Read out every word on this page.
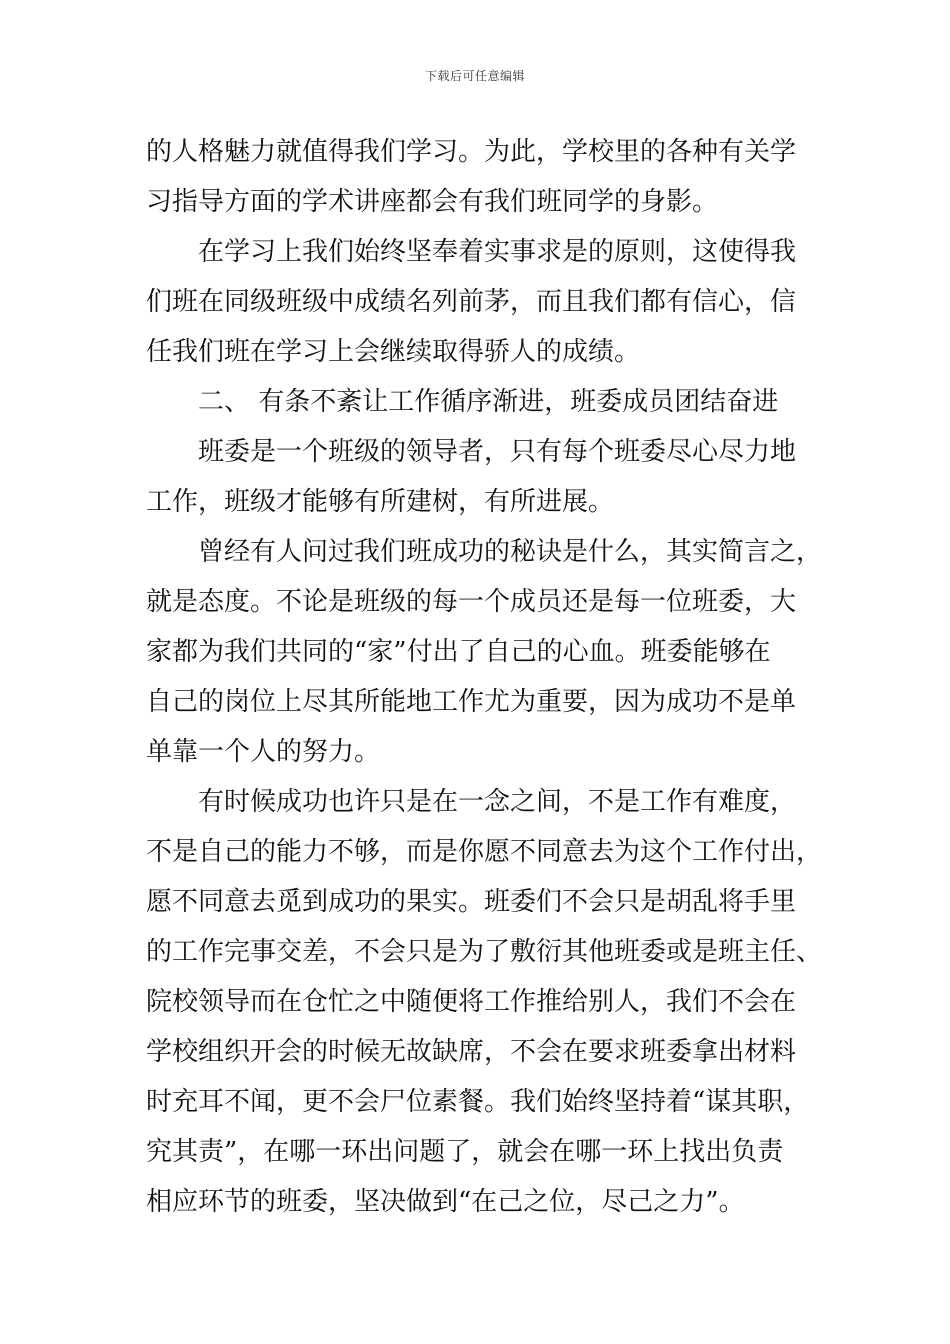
下载后可任意编辑
的人格魅力就值得我们学习。为此，学校里的各种有关学
习指导方面的学术讲座都会有我们班同学的身影。
在学习上我们始终坚奉着实事求是的原则，这使得我
们班在同级班级中成绩名列前茅，而且我们都有信心，信
任我们班在学习上会继续取得骄人的成绩。
二、 有条不紊让工作循序渐进，班委成员团结奋进
班委是一个班级的领导者，只有每个班委尽心尽力地
工作，班级才能够有所建树，有所进展。
曾经有人问过我们班成功的秘诀是什么，其实简言之，
就是态度。不论是班级的每一个成员还是每一位班委，大
家都为我们共同的“家”付出了自己的心血。班委能够在
自己的岗位上尽其所能地工作尤为重要，因为成功不是单
单靠一个人的努力。
有时候成功也许只是在一念之间，不是工作有难度，
不是自己的能力不够，而是你愿不同意去为这个工作付出，
愿不同意去觅到成功的果实。班委们不会只是胡乱将手里
的工作完事交差，不会只是为了敷衍其他班委或是班主任、
院校领导而在仓忙之中随便将工作推给别人，我们不会在
学校组织开会的时候无故缺席，不会在要求班委拿出材料
时充耳不闻，更不会尸位素餐。我们始终坚持着“谋其职，
究其责”，在哪一环出问题了，就会在哪一环上找出负责
相应环节的班委，坚决做到“在己之位，尽己之力”。
